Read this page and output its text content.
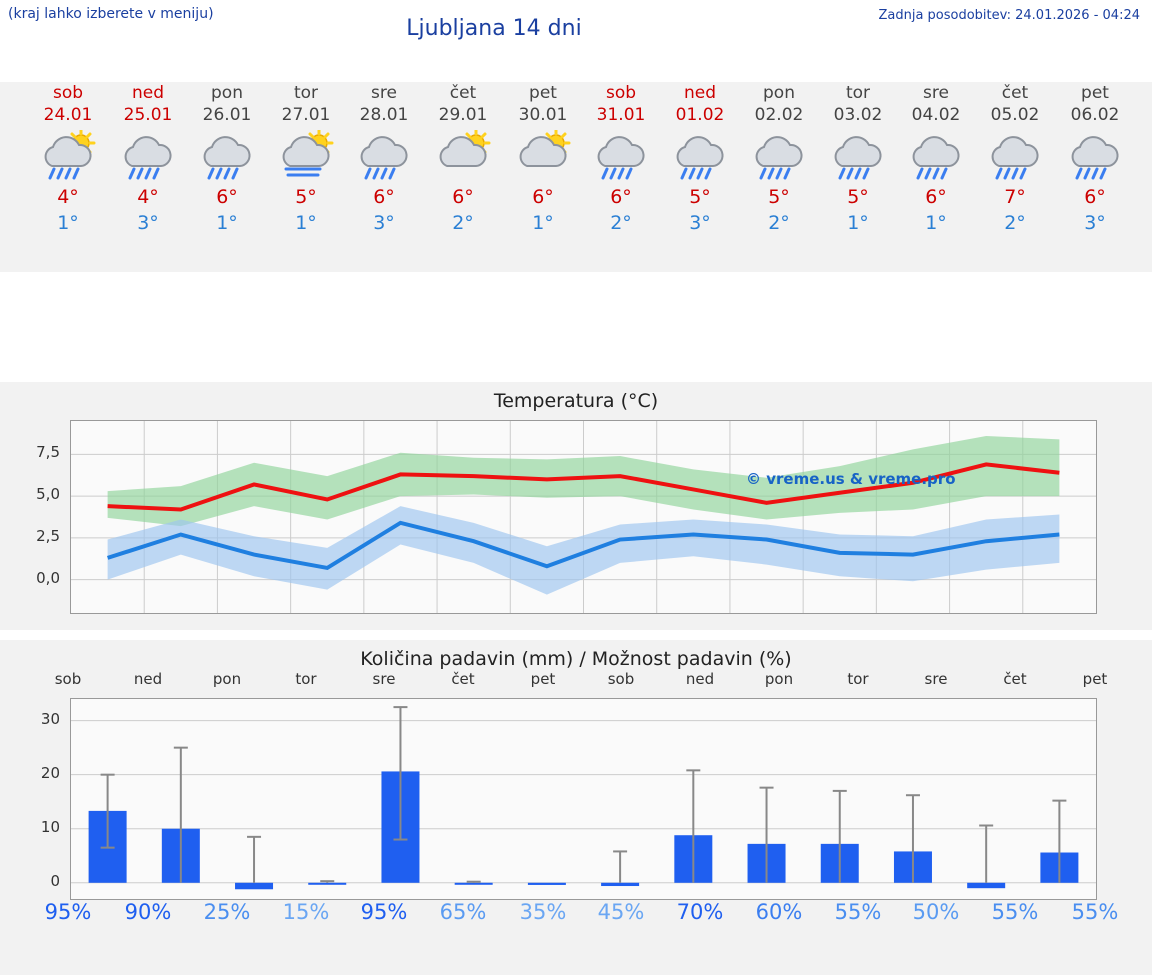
(kraj lahko izberete v meniju)
Ljubljana 14 dni
Zadnja posodobitev: 24.01.2026 - 04:24
sob
24.01
4°
1°
ned
25.01
4°
3°
pon
26.01
6°
1°
tor
27.01
5°
1°
sre
28.01
6°
3°
čet
29.01
6°
2°
pet
30.01
6°
1°
sob
31.01
6°
2°
ned
01.02
5°
3°
pon
02.02
5°
2°
tor
03.02
5°
1°
sre
04.02
6°
1°
čet
05.02
7°
2°
pet
06.02
6°
3°
Temperatura (°C)
© vreme.us & vreme.pro
Količina padavin (mm) / Možnost padavin (%)
sob	ned	pon	tor	sre	čet	pet	sob	ned	pon	tor	sre	čet	pet
0,0
2,5
5,0
7,5
0
10
20
30
95%	90%	25%	15%	95%	65%	35%	45%	70%	60%	55%	50%	55%	55%
